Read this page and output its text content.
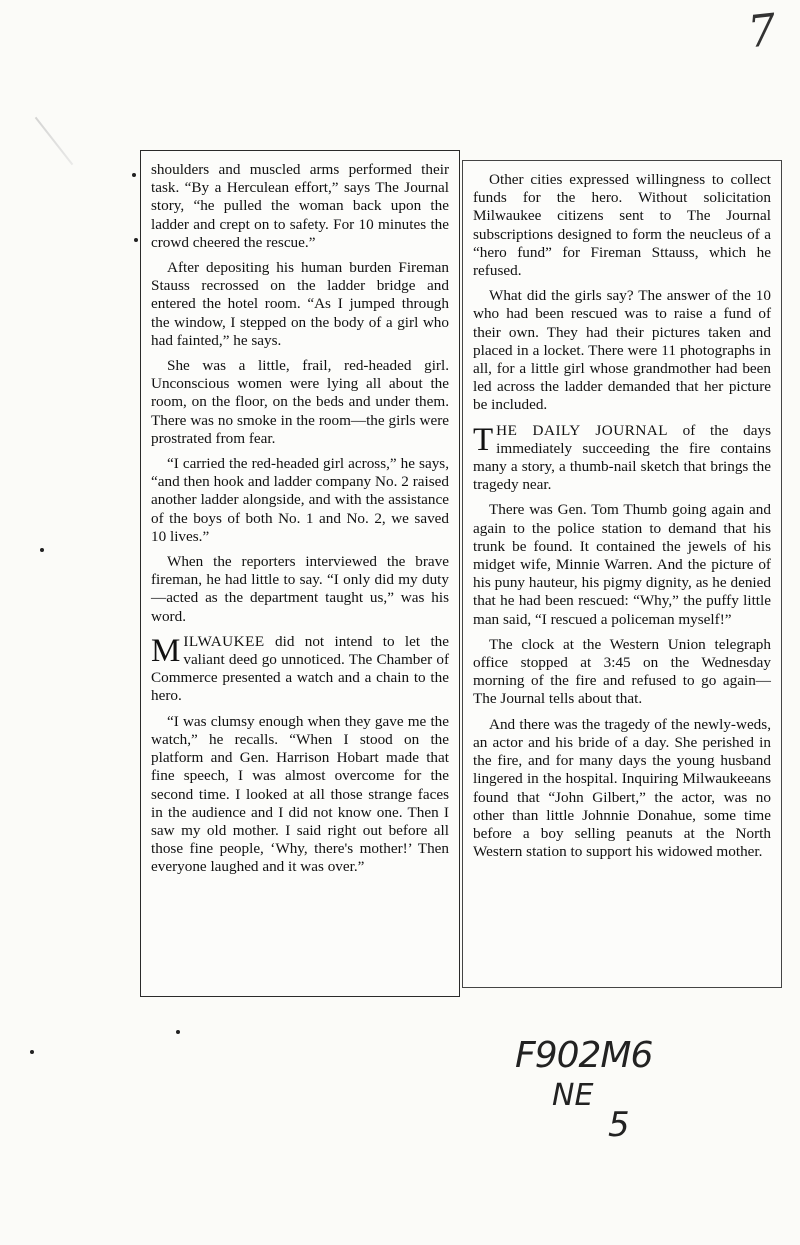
7

shoulders and muscled arms performed their task. “By a Herculean effort,” says The Journal story, “he pulled the woman back upon the ladder and crept on to safety. For 10 minutes the crowd cheered the rescue.”

After depositing his human burden Fireman Stauss recrossed on the ladder bridge and entered the hotel room. “As I jumped through the window, I stepped on the body of a girl who had fainted,” he says.

She was a little, frail, red-headed girl. Unconscious women were lying all about the room, on the floor, on the beds and under them. There was no smoke in the room—the girls were prostrated from fear.

“I carried the red-headed girl across,” he says, “and then hook and ladder company No. 2 raised another ladder alongside, and with the assistance of the boys of both No. 1 and No. 2, we saved 10 lives.”

When the reporters interviewed the brave fireman, he had little to say. “I only did my duty—acted as the department taught us,” was his word.

MILWAUKEE did not intend to let the valiant deed go unnoticed. The Chamber of Commerce presented a watch and a chain to the hero.

“I was clumsy enough when they gave me the watch,” he recalls. “When I stood on the platform and Gen. Harrison Hobart made that fine speech, I was almost overcome for the second time. I looked at all those strange faces in the audience and I did not know one. Then I saw my old mother. I said right out before all those fine people, ‘Why, there's mother!’ Then everyone laughed and it was over.”

Other cities expressed willingness to collect funds for the hero. Without solicitation Milwaukee citizens sent to The Journal subscriptions designed to form the neucleus of a “hero fund” for Fireman Sttauss, which he refused.

What did the girls say? The answer of the 10 who had been rescued was to raise a fund of their own. They had their pictures taken and placed in a locket. There were 11 photographs in all, for a little girl whose grandmother had been led across the ladder demanded that her picture be included.

THE DAILY JOURNAL of the days immediately succeeding the fire contains many a story, a thumb-nail sketch that brings the tragedy near.

There was Gen. Tom Thumb going again and again to the police station to demand that his trunk be found. It contained the jewels of his midget wife, Minnie Warren. And the picture of his puny hauteur, his pigmy dignity, as he denied that he had been rescued: “Why,” the puffy little man said, “I rescued a policeman myself!”

The clock at the Western Union telegraph office stopped at 3:45 on the Wednesday morning of the fire and refused to go again—The Journal tells about that.

And there was the tragedy of the newly-weds, an actor and his bride of a day. She perished in the fire, and for many days the young husband lingered in the hospital. Inquiring Milwaukeeans found that “John Gilbert,” the actor, was no other than little Johnnie Donahue, some time before a boy selling peanuts at the North Western station to support his widowed mother.

F902M6
NE
5
